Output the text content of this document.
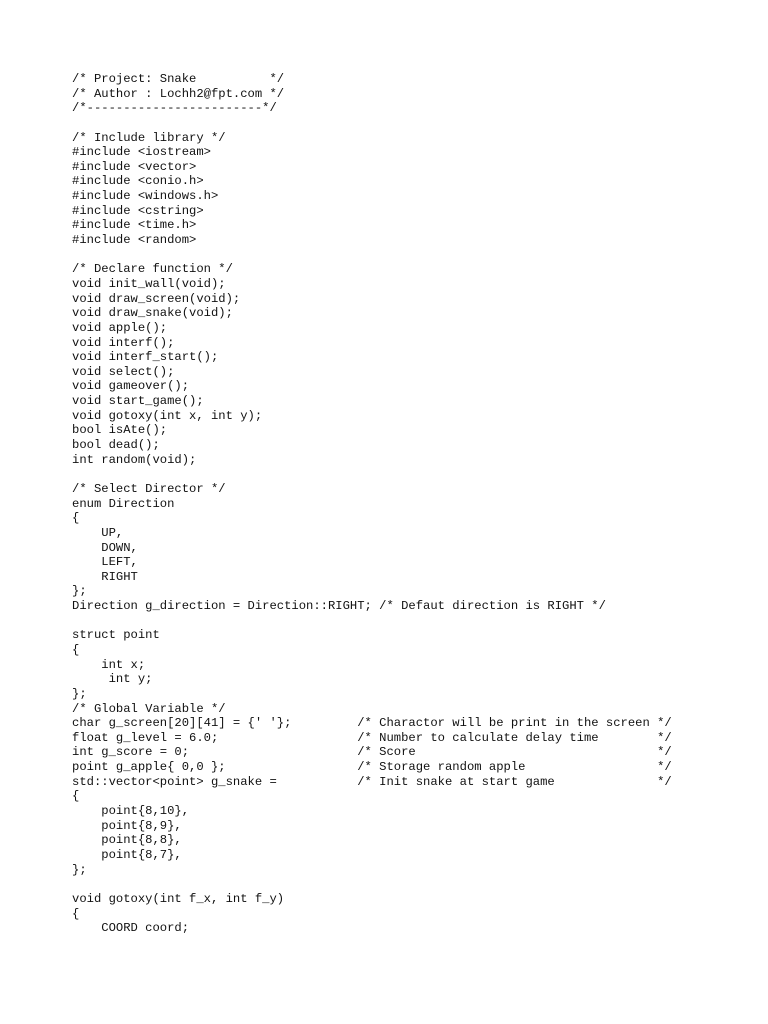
/* Project: Snake          */
/* Author : Lochh2@fpt.com */
/*------------------------*/
/* Include library */
#include <iostream>
#include <vector>
#include <conio.h>
#include <windows.h>
#include <cstring>
#include <time.h>
#include <random>
/* Declare function */
void init_wall(void);
void draw_screen(void);
void draw_snake(void);
void apple();
void interf();
void interf_start();
void select();
void gameover();
void start_game();
void gotoxy(int x, int y);
bool isAte();
bool dead();
int random(void);
/* Select Director */
enum Direction
{
UP,
DOWN,
LEFT,
RIGHT
};
Direction g_direction = Direction::RIGHT; /* Defaut direction is RIGHT */
struct point
{
int x;
int y;
};
/* Global Variable */
char g_screen[20][41] = {' '};         /* Charactor will be print in the screen */
float g_level = 6.0;                   /* Number to calculate delay time        */
int g_score = 0;                       /* Score                                 */
point g_apple{ 0,0 };                  /* Storage random apple                  */
std::vector<point> g_snake =           /* Init snake at start game              */
{
point{8,10},
point{8,9},
point{8,8},
point{8,7},
};
void gotoxy(int f_x, int f_y)
{
COORD coord;
